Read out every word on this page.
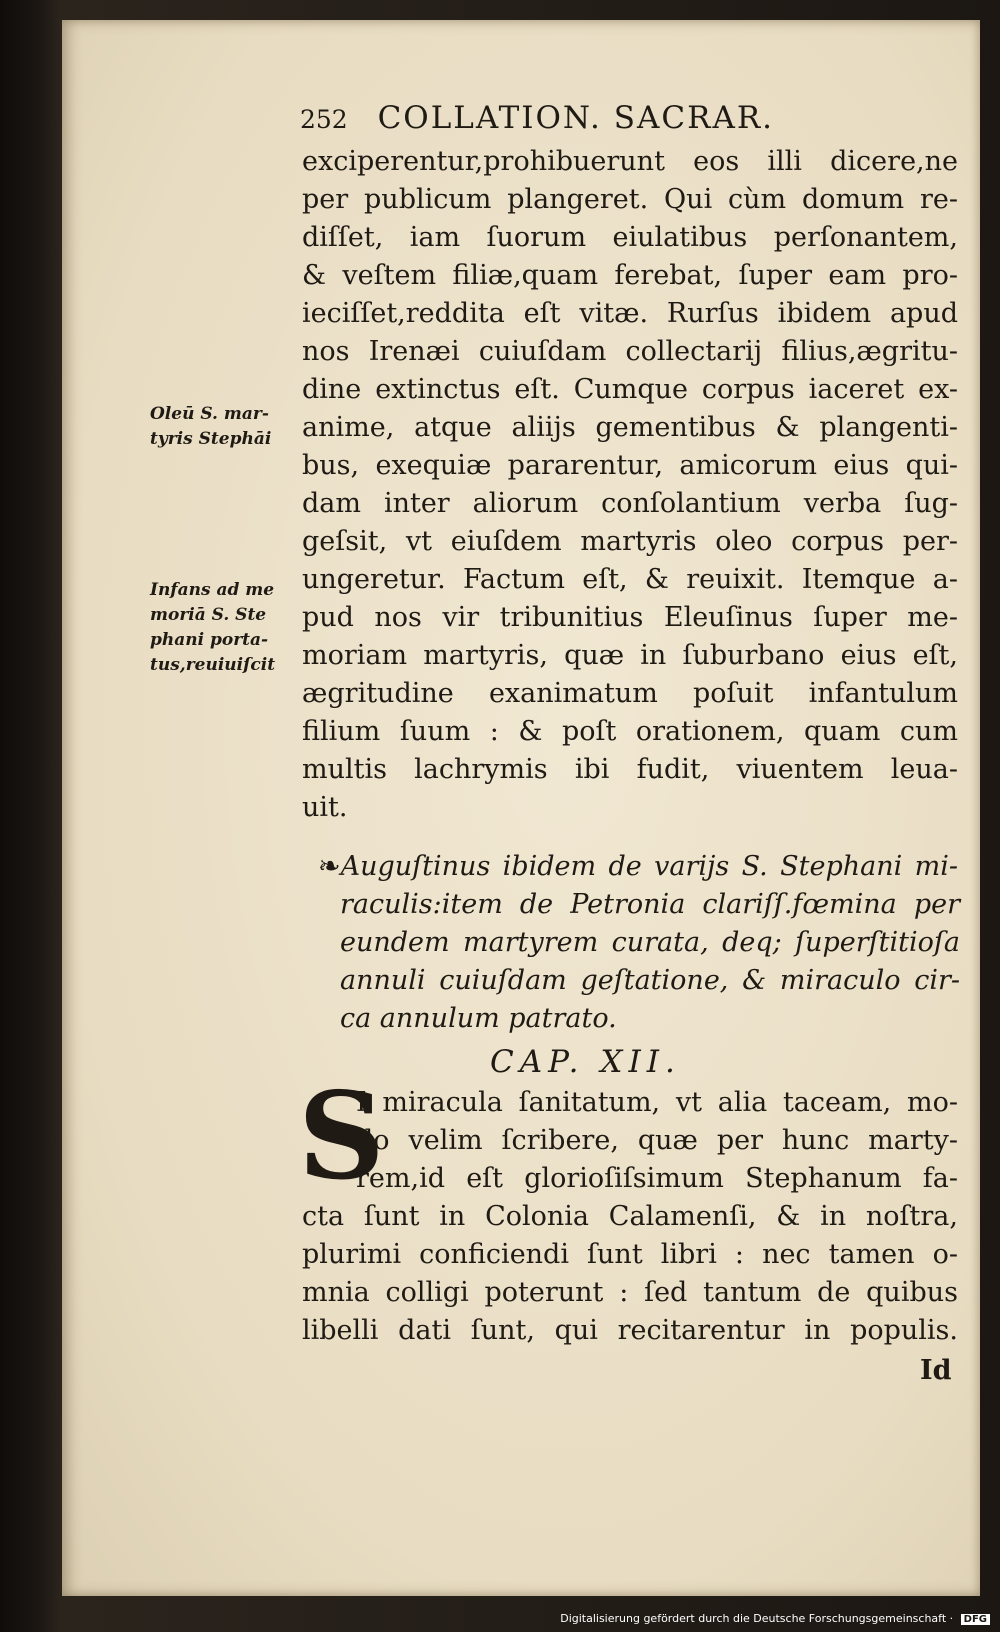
252 COLLATION. SACRAR.
exciperentur,prohibuerunt eos illi dicere,ne
per publicum plangeret. Qui cùm domum re-
diſſet, iam ſuorum eiulatibus perſonantem,
& veſtem filiæ,quam ferebat, ſuper eam pro-
ieciſſet,reddita eſt vitæ. Rurſus ibidem apud
nos Irenæi cuiuſdam collectarij filius,ægritu-
dine extinctus eſt. Cumque corpus iaceret ex-
anime, atque aliijs gementibus & plangenti-
bus, exequiæ pararentur, amicorum eius qui-
dam inter aliorum conſolantium verba ſug-
geſsit, vt eiuſdem martyris oleo corpus per-
ungeretur. Factum eſt, & reuixit. Itemque a-
pud nos vir tribunitius Eleuſinus ſuper me-
moriam martyris, quæ in ſuburbano eius eſt,
ægritudine exanimatum poſuit infantulum
filium ſuum : & poſt orationem, quam cum
multis lachrymis ibi fudit, viuentem leua-
uit.
❧Auguſtinus ibidem de varijs S. Stephani mi-
raculis:item de Petronia clariſſ.fœmina per
eundem martyrem curata, deq; ſuperſtitioſa
annuli cuiuſdam geſtatione, & miraculo cir-
ca annulum patrato.
CAP. XII.
S
I miracula ſanitatum, vt alia taceam, mo-
do velim ſcribere, quæ per hunc marty-
rem,id eſt glorioſiſsimum Stephanum fa-
cta ſunt in Colonia Calamenſi, & in noſtra,
plurimi conficiendi ſunt libri : nec tamen o-
mnia colligi poterunt : ſed tantum de quibus
libelli dati ſunt, qui recitarentur in populis.
Id
Oleū S. mar-
tyris Stephāi
Infans ad me
moriā S. Ste
phani porta-
tus,reuiuiſcit
Digitalisierung gefördert durch die Deutsche Forschungsgemeinschaft · DFG
